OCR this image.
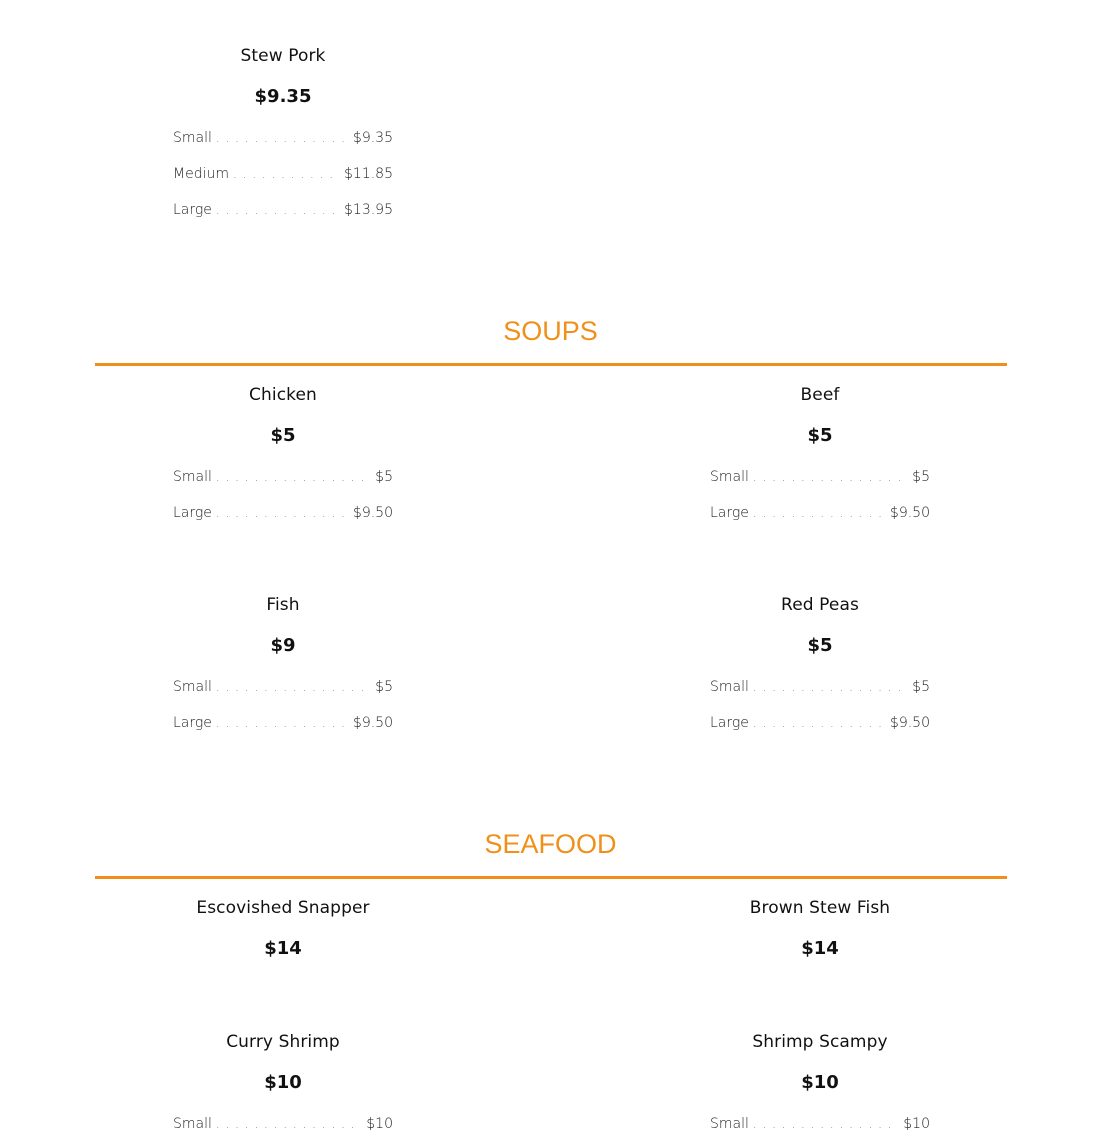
Stew Pork
$9.35
Small . . .	$9.35
Medium . . .	$11.85
Large . . .	$13.95
SOUPS
Chicken
$5
Small . . .	$5
Large . . .	$9.50
Beef
$5
Small . . .	$5
Large . . .	$9.50
Fish
$9
Small . . .	$5
Large . . .	$9.50
Red Peas
$5
Small . . .	$5
Large . . .	$9.50
SEAFOOD
Escovished Snapper
$14
Brown Stew Fish
$14
Curry Shrimp
$10
Small . . .	$10
Shrimp Scampy
$10
Small . . .	$10
